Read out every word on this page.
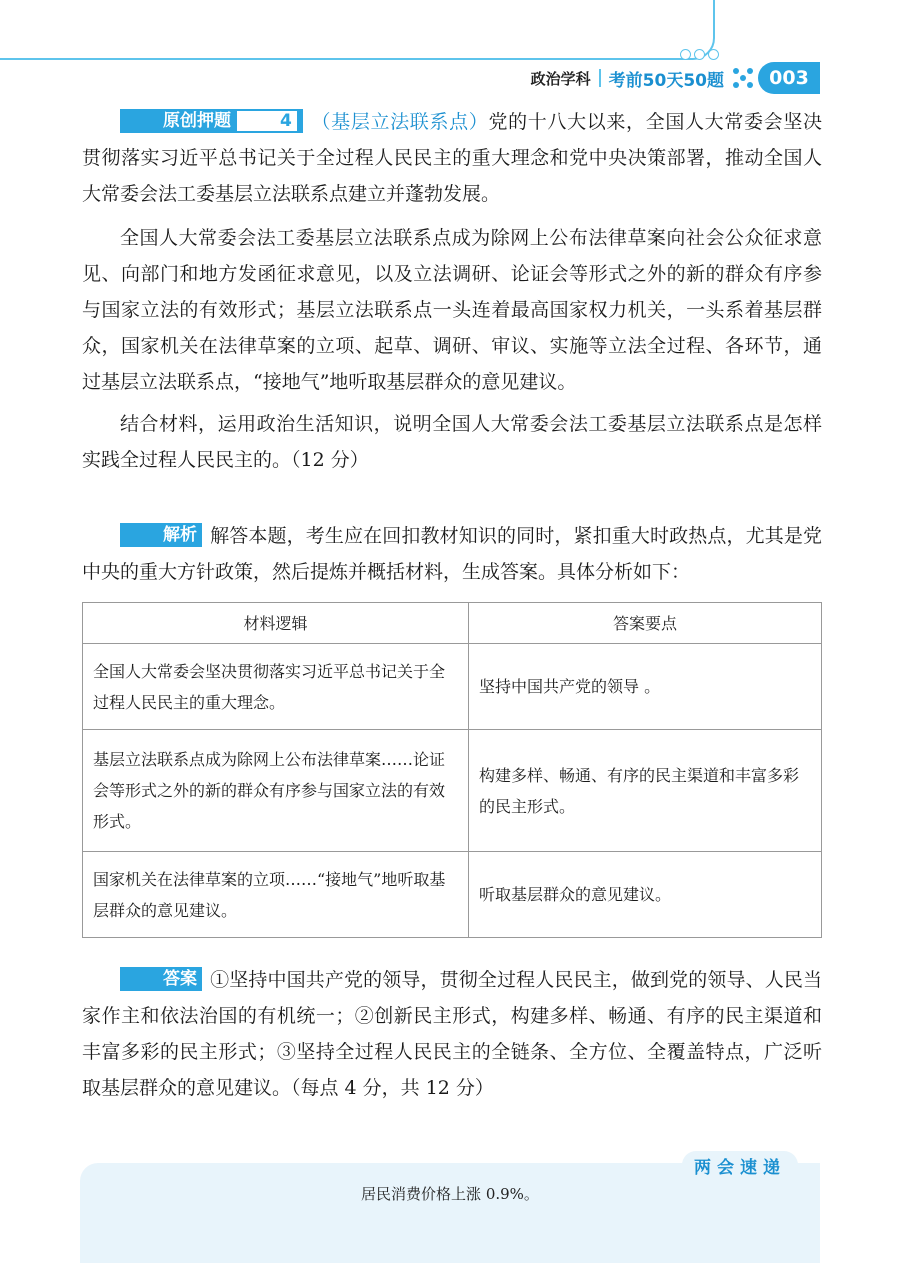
政治学科 考前50天50题	003

原创押题	4 （基层立法联系点）党的十八大以来，全国人大常委会坚决贯彻落实习近平总书记关于全过程人民民主的重大理念和党中央决策部署，推动全国人大常委会法工委基层立法联系点建立并蓬勃发展。

全国人大常委会法工委基层立法联系点成为除网上公布法律草案向社会公众征求意见、向部门和地方发函征求意见，以及立法调研、论证会等形式之外的新的群众有序参与国家立法的有效形式；基层立法联系点一头连着最高国家权力机关，一头系着基层群众，国家机关在法律草案的立项、起草、调研、审议、实施等立法全过程、各环节，通过基层立法联系点，“接地气”地听取基层群众的意见建议。

结合材料，运用政治生活知识，说明全国人大常委会法工委基层立法联系点是怎样实践全过程人民民主的。（12 分）

解析 解答本题，考生应在回扣教材知识的同时，紧扣重大时政热点，尤其是党中央的重大方针政策，然后提炼并概括材料，生成答案。具体分析如下：

材料逻辑	答案要点
全国人大常委会坚决贯彻落实习近平总书记关于全过程人民民主的重大理念。	坚持中国共产党的领导 。
基层立法联系点成为除网上公布法律草案……论证会等形式之外的新的群众有序参与国家立法的有效形式。	构建多样、畅通、有序的民主渠道和丰富多彩的民主形式。
国家机关在法律草案的立项……“接地气”地听取基层群众的意见建议。	听取基层群众的意见建议。

答案 ①坚持中国共产党的领导，贯彻全过程人民民主，做到党的领导、人民当家作主和依法治国的有机统一；②创新民主形式，构建多样、畅通、有序的民主渠道和丰富多彩的民主形式；③坚持全过程人民民主的全链条、全方位、全覆盖特点，广泛听取基层群众的意见建议。（每点 4 分，共 12 分）

两会速递
居民消费价格上涨 0.9%。
